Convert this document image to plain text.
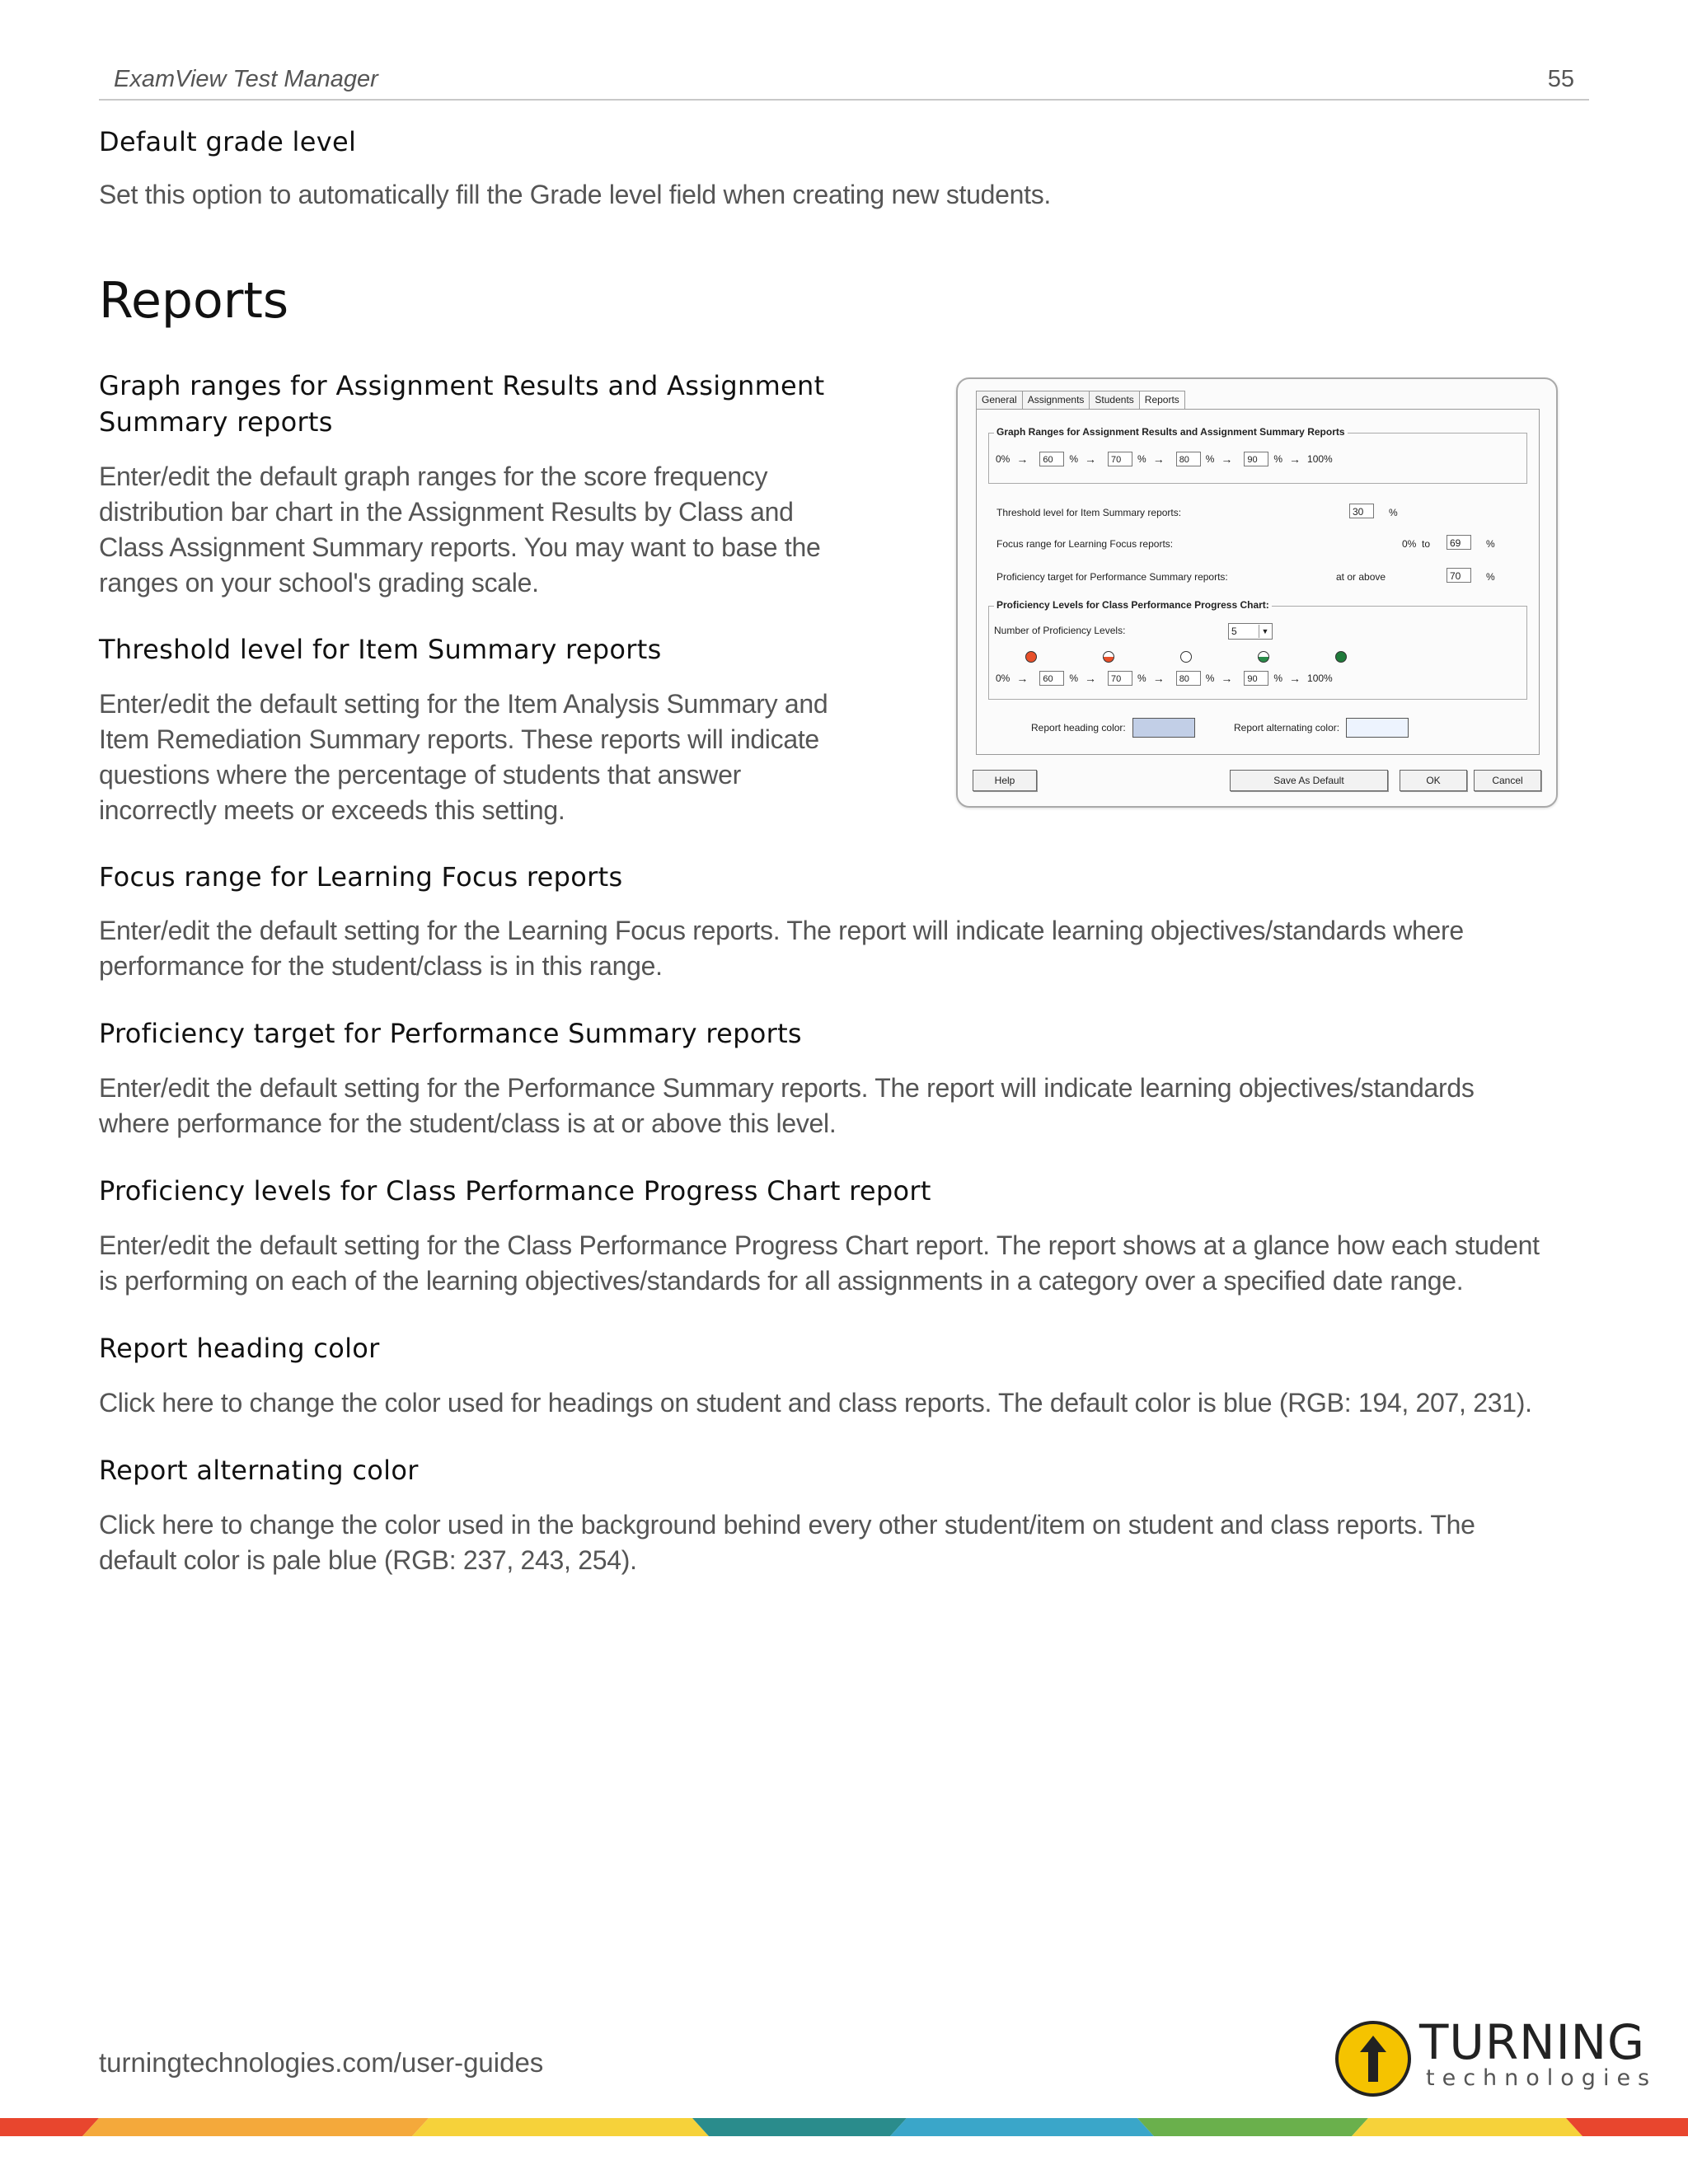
ExamView Test Manager	55
Default grade level
Set this option to automatically fill the Grade level field when creating new students.
Reports
Graph ranges for Assignment Results and Assignment
Summary reports
Enter/edit the default graph ranges for the score frequency
distribution bar chart in the Assignment Results by Class and
Class Assignment Summary reports. You may want to base the
ranges on your school's grading scale.
Threshold level for Item Summary reports
Enter/edit the default setting for the Item Analysis Summary and
Item Remediation Summary reports. These reports will indicate
questions where the percentage of students that answer
incorrectly meets or exceeds this setting.
Focus range for Learning Focus reports
Enter/edit the default setting for the Learning Focus reports. The report will indicate learning objectives/standards where
performance for the student/class is in this range.
Proficiency target for Performance Summary reports
Enter/edit the default setting for the Performance Summary reports. The report will indicate learning objectives/standards
where performance for the student/class is at or above this level.
Proficiency levels for Class Performance Progress Chart report
Enter/edit the default setting for the Class Performance Progress Chart report. The report shows at a glance how each student
is performing on each of the learning objectives/standards for all assignments in a category over a specified date range.
Report heading color
Click here to change the color used for headings on student and class reports. The default color is blue (RGB: 194, 207, 231).
Report alternating color
Click here to change the color used in the background behind every other student/item on student and class reports. The
default color is pale blue (RGB: 237, 243, 254).
General	Assignments	Students	Reports
Graph Ranges for Assignment Results and Assignment Summary Reports
0% →	60	% →	70	% →	80	% →	90	% → 100%
Threshold level for Item Summary reports:	30	%
Focus range for Learning Focus reports:	0% to	69	%
Proficiency target for Performance Summary reports:	at or above	70	%
Proficiency Levels for Class Performance Progress Chart:
Number of Proficiency Levels:	5	▼
0% →	60	% →	70	% →	80	% →	90	% → 100%
Report heading color:	Report alternating color:
Help	Save As Default	OK	Cancel
turningtechnologies.com/user-guides	TURNING
technologies
